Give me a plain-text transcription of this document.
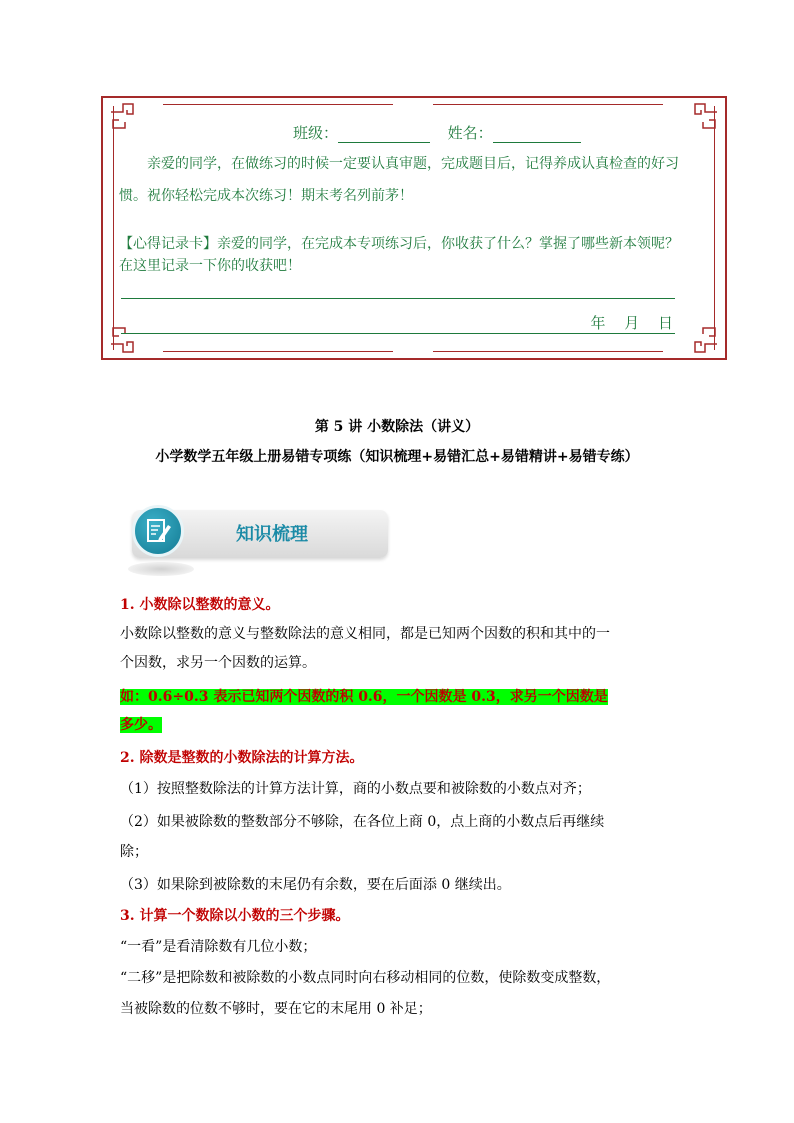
班级：	姓名：
亲爱的同学，在做练习的时候一定要认真审题，完成题目后，记得养成认真检查的好习
惯。祝你轻松完成本次练习！期末考名列前茅！
【心得记录卡】亲爱的同学，在完成本专项练习后，你收获了什么？掌握了哪些新本领呢？
在这里记录一下你的收获吧！
年 月 日
第 5 讲 小数除法（讲义）
小学数学五年级上册易错专项练（知识梳理+易错汇总+易错精讲+易错专练）
知识梳理
1. 小数除以整数的意义。
小数除以整数的意义与整数除法的意义相同，都是已知两个因数的积和其中的一
个因数，求另一个因数的运算。
如：0.6÷0.3 表示已知两个因数的积 0.6，一个因数是 0.3，求另一个因数是
多少。
2. 除数是整数的小数除法的计算方法。
（1）按照整数除法的计算方法计算，商的小数点要和被除数的小数点对齐；
（2）如果被除数的整数部分不够除，在各位上商 0，点上商的小数点后再继续
除；
（3）如果除到被除数的末尾仍有余数，要在后面添 0 继续出。
3. 计算一个数除以小数的三个步骤。
“一看”是看清除数有几位小数；
“二移”是把除数和被除数的小数点同时向右移动相同的位数，使除数变成整数，
当被除数的位数不够时，要在它的末尾用 0 补足；
